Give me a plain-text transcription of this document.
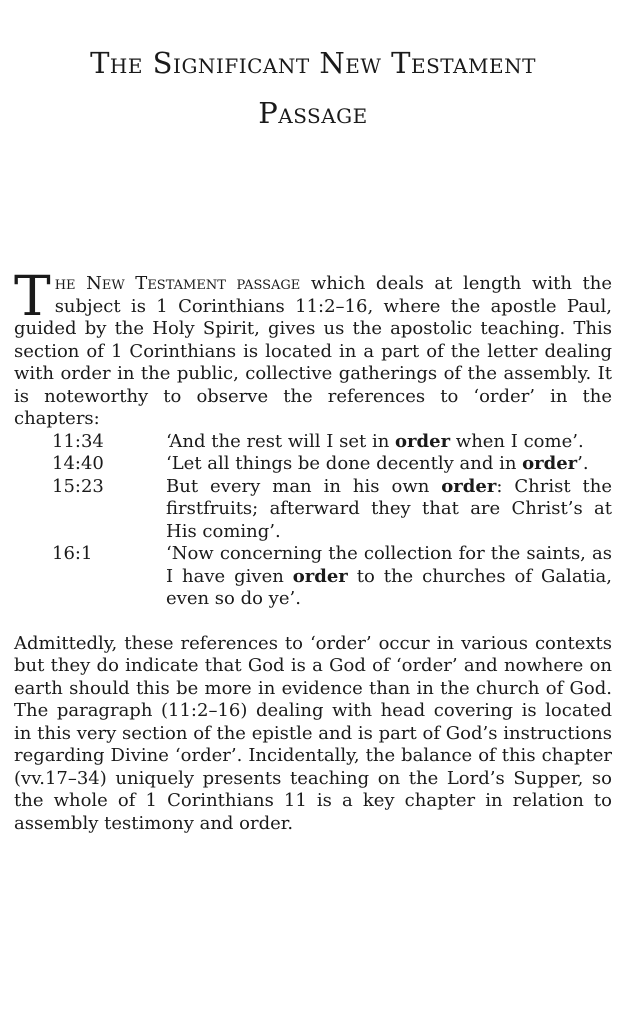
The Significant New Testament
Passage

The New Testament passage which deals at length with the subject is 1 Corinthians 11:2–16, where the apostle Paul, guided by the Holy Spirit, gives us the apostolic teaching. This section of 1 Corinthians is located in a part of the letter dealing with order in the public, collective gatherings of the assembly. It is noteworthy to observe the references to ‘order’ in the chapters:

11:34	‘And the rest will I set in order when I come’.
14:40	‘Let all things be done decently and in order’.
15:23	But every man in his own order: Christ the firstfruits; afterward they that are Christ’s at His coming’.
16:1	‘Now concerning the collection for the saints, as I have given order to the churches of Galatia, even so do ye’.

Admittedly, these references to ‘order’ occur in various contexts but they do indicate that God is a God of ‘order’ and nowhere on earth should this be more in evidence than in the church of God. The paragraph (11:2–16) dealing with head covering is located in this very section of the epistle and is part of God’s instructions regarding Divine ‘order’. Incidentally, the balance of this chapter (vv.17–34) uniquely presents teaching on the Lord’s Supper, so the whole of 1 Corinthians 11 is a key chapter in relation to assembly testimony and order.
